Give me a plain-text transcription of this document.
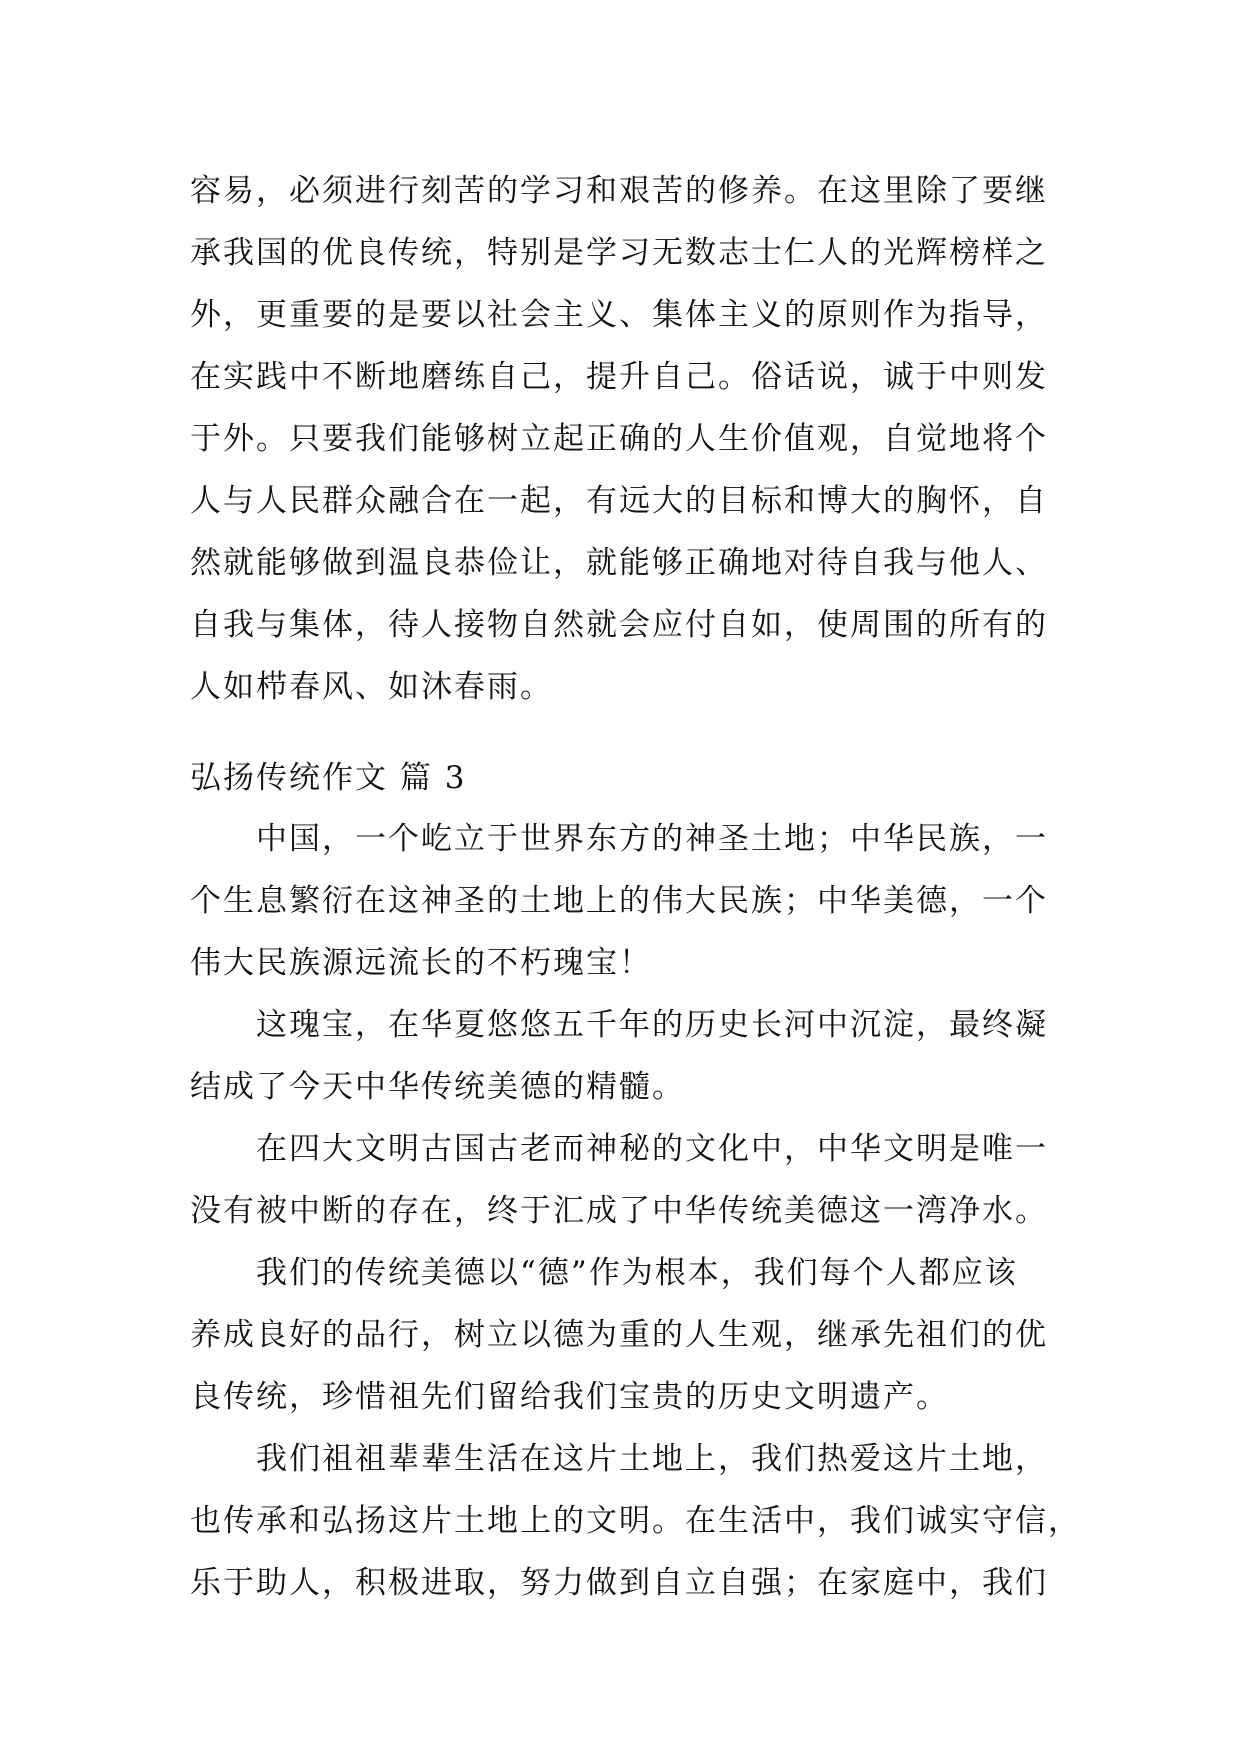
容易，必须进行刻苦的学习和艰苦的修养。在这里除了要继
承我国的优良传统，特别是学习无数志士仁人的光辉榜样之
外，更重要的是要以社会主义、集体主义的原则作为指导，
在实践中不断地磨练自己，提升自己。俗话说，诚于中则发
于外。只要我们能够树立起正确的人生价值观，自觉地将个
人与人民群众融合在一起，有远大的目标和博大的胸怀，自
然就能够做到温良恭俭让，就能够正确地对待自我与他人、
自我与集体，待人接物自然就会应付自如，使周围的所有的
人如栉春风、如沐春雨。
弘扬传统作文 篇 3
中国，一个屹立于世界东方的神圣土地；中华民族，一
个生息繁衍在这神圣的土地上的伟大民族；中华美德，一个
伟大民族源远流长的不朽瑰宝！
这瑰宝，在华夏悠悠五千年的历史长河中沉淀，最终凝
结成了今天中华传统美德的精髓。
在四大文明古国古老而神秘的文化中，中华文明是唯一
没有被中断的存在，终于汇成了中华传统美德这一湾净水。
我们的传统美德以“德”作为根本，我们每个人都应该
养成良好的品行，树立以德为重的人生观，继承先祖们的优
良传统，珍惜祖先们留给我们宝贵的历史文明遗产。
我们祖祖辈辈生活在这片土地上，我们热爱这片土地，
也传承和弘扬这片土地上的文明。在生活中，我们诚实守信，
乐于助人，积极进取，努力做到自立自强；在家庭中，我们
